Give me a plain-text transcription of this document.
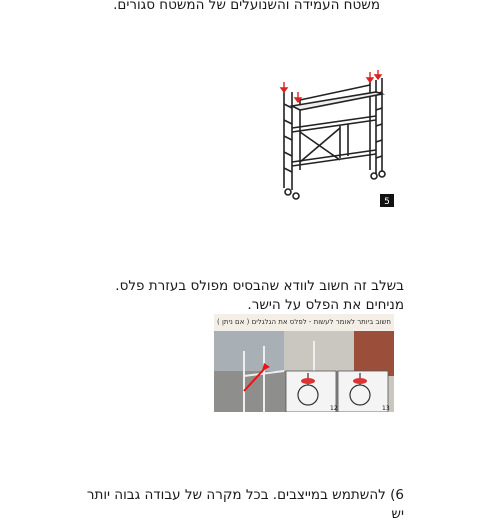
משטח העמידה והשנועלים של המשטח סגורים.
5
בשלב זה חשוב לוודא שהבסיס מפולס בעזרת פלס. מניחים את הפלס על הישר.
חשוב ביותר לאומר לעשות - לפלס את הגלגלים ( אם ניתן )
12	13
6) להשתמש במייצבים. בכל מקרה של עבודה גבוה יותר יש
